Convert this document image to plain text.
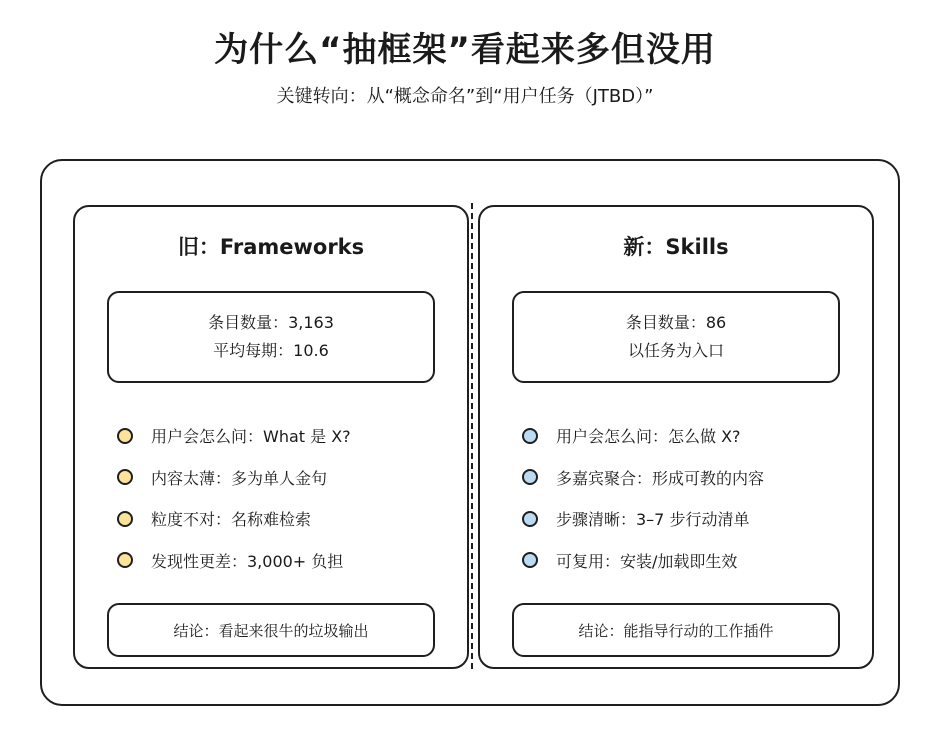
为什么“抽框架”看起来多但没用
关键转向：从“概念命名”到“用户任务（JTBD）”
旧：Frameworks
条目数量：3,163
平均每期：10.6
用户会怎么问：What 是 X?
内容太薄：多为单人金句
粒度不对：名称难检索
发现性更差：3,000+ 负担
结论：看起来很牛的垃圾输出
新：Skills
条目数量：86
以任务为入口
用户会怎么问：怎么做 X?
多嘉宾聚合：形成可教的内容
步骤清晰：3–7 步行动清单
可复用：安装/加载即生效
结论：能指导行动的工作插件
